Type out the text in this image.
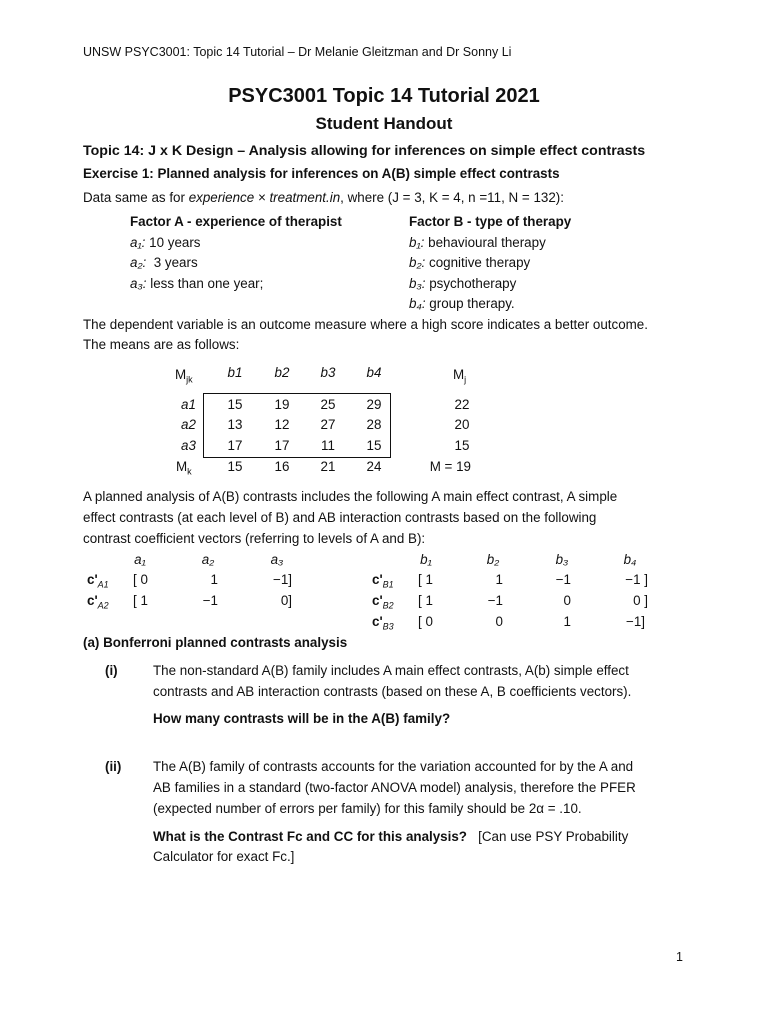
UNSW PSYC3001: Topic 14 Tutorial – Dr Melanie Gleitzman and Dr Sonny Li
PSYC3001 Topic 14 Tutorial 2021
Student Handout
Topic 14: J x K Design – Analysis allowing for inferences on simple effect contrasts
Exercise 1: Planned analysis for inferences on A(B) simple effect contrasts
Data same as for experience × treatment.in, where (J = 3, K = 4, n =11, N = 132):
Factor A - experience of therapist
a₁: 10 years
a₂:  3 years
a₃: less than one year;
Factor B - type of therapy
b₁: behavioural therapy
b₂: cognitive therapy
b₃: psychotherapy
b₄: group therapy.
The dependent variable is an outcome measure where a high score indicates a better outcome.
The means are as follows:
$M_{jk}$	b1	b2	b3	b4	$M_j$
a1	15	19	25	29	22
a2	13	12	27	28	20
a3	17	17	11	15	15
$M_k$	15	16	21	24	M = 19
A planned analysis of A(B) contrasts includes the following A main effect contrast, A simple
effect contrasts (at each level of B) and AB interaction contrasts based on the following
contrast coefficient vectors (referring to levels of A and B):
a₁	a₂	a₃
$c'_{A1}$ [ 0	1	−1]
$c'_{A2}$ [ 1	−1	0]
b₁	b₂	b₃	b₄
$c'_{B1}$ [ 1	1	−1	−1 ]
$c'_{B2}$ [ 1	−1	0	0 ]
$c'_{B3}$ [ 0	0	1	−1]
(a) Bonferroni planned contrasts analysis
(i)	The non-standard A(B) family includes A main effect contrasts, A(b) simple effect
contrasts and AB interaction contrasts (based on these A, B coefficients vectors).
How many contrasts will be in the A(B) family?
(ii) The A(B) family of contrasts accounts for the variation accounted for by the A and
AB families in a standard (two-factor ANOVA model) analysis, therefore the PFER
(expected number of errors per family) for this family should be 2α = .10.
What is the Contrast Fc and CC for this analysis? [Can use PSY Probability
Calculator for exact Fc.]
1
